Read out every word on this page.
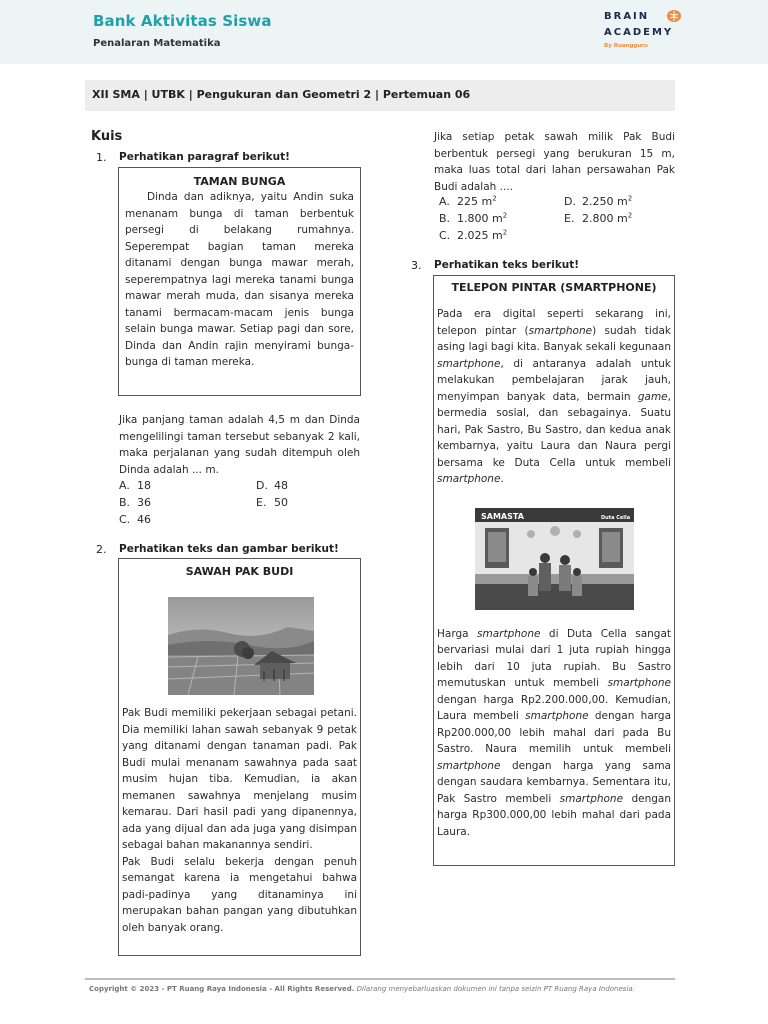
Bank Aktivitas Siswa
Penalaran Matematika
BRAIN
ACADEMY
By Ruangguru
XII SMA | UTBK | Pengukuran dan Geometri 2 | Pertemuan 06
Kuis
1. Perhatikan paragraf berikut!
TAMAN BUNGA
Dinda dan adiknya, yaitu Andin suka menanam bunga di taman berbentuk persegi di belakang rumahnya. Seperempat bagian taman mereka ditanami dengan bunga mawar merah, seperempatnya lagi mereka tanami bunga mawar merah muda, dan sisanya mereka tanami bermacam-macam jenis bunga selain bunga mawar. Setiap pagi dan sore, Dinda dan Andin rajin menyirami bunga-bunga di taman mereka.
Jika panjang taman adalah 4,5 m dan Dinda mengelilingi taman tersebut sebanyak 2 kali, maka perjalanan yang sudah ditempuh oleh Dinda adalah ... m.
A. 18
B. 36
C. 46
D. 48
E. 50
2. Perhatikan teks dan gambar berikut!
SAWAH PAK BUDI
Pak Budi memiliki pekerjaan sebagai petani. Dia memiliki lahan sawah sebanyak 9 petak yang ditanami dengan tanaman padi. Pak Budi mulai menanam sawahnya pada saat musim hujan tiba. Kemudian, ia akan memanen sawahnya menjelang musim kemarau. Dari hasil padi yang dipanennya, ada yang dijual dan ada juga yang disimpan sebagai bahan makanannya sendiri.
Pak Budi selalu bekerja dengan penuh semangat karena ia mengetahui bahwa padi-padinya yang ditanaminya ini merupakan bahan pangan yang dibutuhkan oleh banyak orang.
Jika setiap petak sawah milik Pak Budi berbentuk persegi yang berukuran 15 m, maka luas total dari lahan persawahan Pak Budi adalah ....
A. 225 $m^2$
B. 1.800 $m^2$
C. 2.025 $m^2$
D. 2.250 $m^2$
E. 2.800 $m^2$
3. Perhatikan teks berikut!
TELEPON PINTAR (SMARTPHONE)
Pada era digital seperti sekarang ini, telepon pintar (smartphone) sudah tidak asing lagi bagi kita. Banyak sekali kegunaan smartphone, di antaranya adalah untuk melakukan pembelajaran jarak jauh, menyimpan banyak data, bermain game, bermedia sosial, dan sebagainya. Suatu hari, Pak Sastro, Bu Sastro, dan kedua anak kembarnya, yaitu Laura dan Naura pergi bersama ke Duta Cella untuk membeli smartphone.
SAMASTA	Duta Cella
Harga smartphone di Duta Cella sangat bervariasi mulai dari 1 juta rupiah hingga lebih dari 10 juta rupiah. Bu Sastro memutuskan untuk membeli smartphone dengan harga Rp2.200.000,00. Kemudian, Laura membeli smartphone dengan harga Rp200.000,00 lebih mahal dari pada Bu Sastro. Naura memilih untuk membeli smartphone dengan harga yang sama dengan saudara kembarnya. Sementara itu, Pak Sastro membeli smartphone dengan harga Rp300.000,00 lebih mahal dari pada Laura.
Copyright © 2023 - PT Ruang Raya Indonesia - All Rights Reserved. Dilarang menyebarluaskan dokumen ini tanpa seizin PT Ruang Raya Indonesia.
